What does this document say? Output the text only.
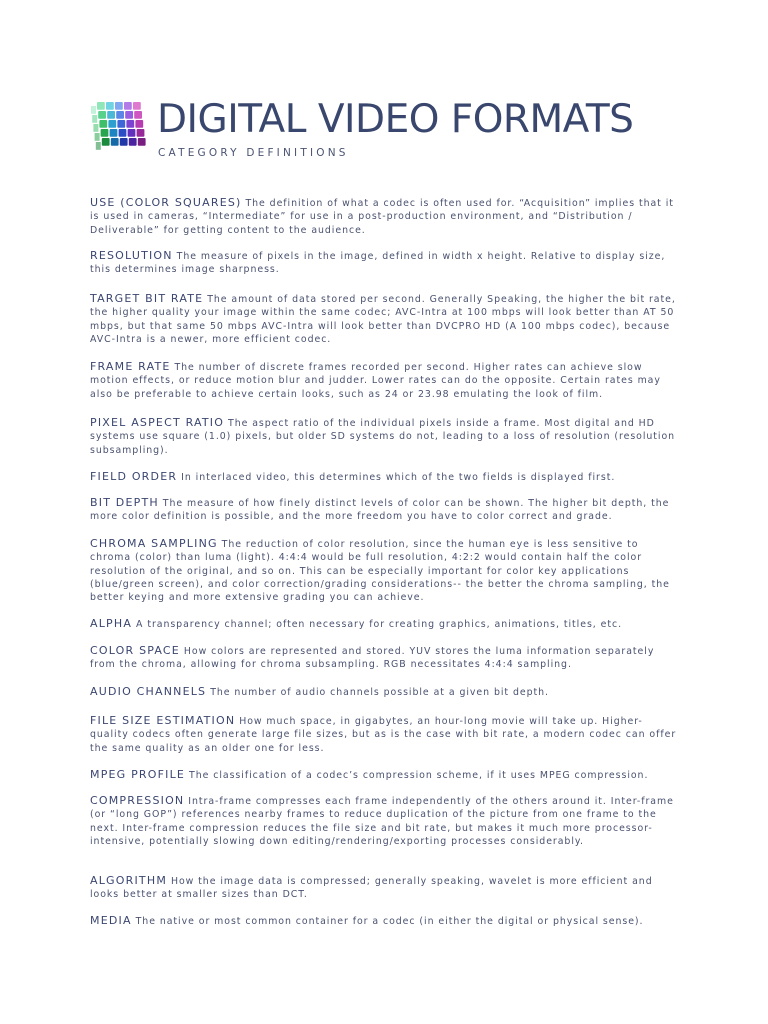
DIGITAL VIDEO FORMATS
CATEGORY DEFINITIONS

USE (COLOR SQUARES) The definition of what a codec is often used for. “Acquisition” implies that it is used in cameras, “Intermediate” for use in a post-production environment, and “Distribution / Deliverable” for getting content to the audience.

RESOLUTION The measure of pixels in the image, defined in width x height. Relative to display size, this determines image sharpness.

TARGET BIT RATE The amount of data stored per second. Generally Speaking, the higher the bit rate, the higher quality your image within the same codec; AVC-Intra at 100 mbps will look better than AT 50 mbps, but that same 50 mbps AVC-Intra will look better than DVCPRO HD (A 100 mbps codec), because AVC-Intra is a newer, more efficient codec.

FRAME RATE The number of discrete frames recorded per second. Higher rates can achieve slow motion effects, or reduce motion blur and judder. Lower rates can do the opposite. Certain rates may also be preferable to achieve certain looks, such as 24 or 23.98 emulating the look of film.

PIXEL ASPECT RATIO The aspect ratio of the individual pixels inside a frame. Most digital and HD systems use square (1.0) pixels, but older SD systems do not, leading to a loss of resolution (resolution subsampling).

FIELD ORDER In interlaced video, this determines which of the two fields is displayed first.

BIT DEPTH The measure of how finely distinct levels of color can be shown. The higher bit depth, the more color definition is possible, and the more freedom you have to color correct and grade.

CHROMA SAMPLING The reduction of color resolution, since the human eye is less sensitive to chroma (color) than luma (light). 4:4:4 would be full resolution, 4:2:2 would contain half the color resolution of the original, and so on. This can be especially important for color key applications (blue/green screen), and color correction/grading considerations-- the better the chroma sampling, the better keying and more extensive grading you can achieve.

ALPHA A transparency channel; often necessary for creating graphics, animations, titles, etc.

COLOR SPACE How colors are represented and stored. YUV stores the luma information separately from the chroma, allowing for chroma subsampling. RGB necessitates 4:4:4 sampling.

AUDIO CHANNELS The number of audio channels possible at a given bit depth.

FILE SIZE ESTIMATION How much space, in gigabytes, an hour-long movie will take up. Higher-quality codecs often generate large file sizes, but as is the case with bit rate, a modern codec can offer the same quality as an older one for less.

MPEG PROFILE The classification of a codec’s compression scheme, if it uses MPEG compression.

COMPRESSION Intra-frame compresses each frame independently of the others around it. Inter-frame (or “long GOP”) references nearby frames to reduce duplication of the picture from one frame to the next. Inter-frame compression reduces the file size and bit rate, but makes it much more processor-intensive, potentially slowing down editing/rendering/exporting processes considerably.

ALGORITHM How the image data is compressed; generally speaking, wavelet is more efficient and looks better at smaller sizes than DCT.

MEDIA The native or most common container for a codec (in either the digital or physical sense).
